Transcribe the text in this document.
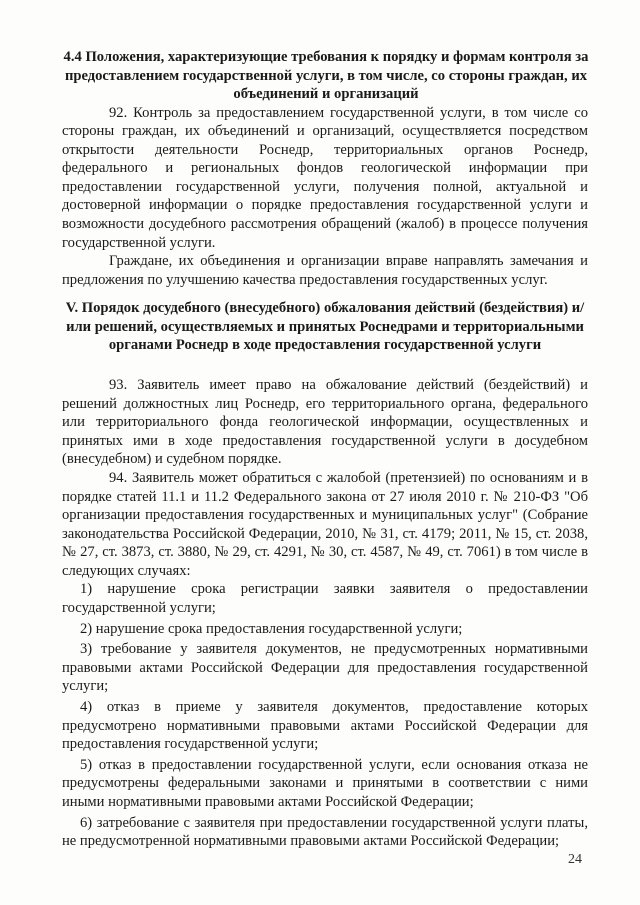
4.4 Положения, характеризующие требования к порядку и формам контроля за предоставлением государственной услуги, в том числе, со стороны граждан, их объединений и организаций

92. Контроль за предоставлением государственной услуги, в том числе со стороны граждан, их объединений и организаций, осуществляется посредством открытости деятельности Роснедр, территориальных органов Роснедр, федерального и региональных фондов геологической информации при предоставлении государственной услуги, получения полной, актуальной и достоверной информации о порядке предоставления государственной услуги и возможности досудебного рассмотрения обращений (жалоб) в процессе получения государственной услуги.

Граждане, их объединения и организации вправе направлять замечания и предложения по улучшению качества предоставления государственных услуг.

V. Порядок досудебного (внесудебного) обжалования действий (бездействия) и/или решений, осуществляемых и принятых Роснедрами и территориальными органами Роснедр в ходе предоставления государственной услуги

93. Заявитель имеет право на обжалование действий (бездействий) и решений должностных лиц Роснедр, его территориального органа, федерального или территориального фонда геологической информации, осуществленных и принятых ими в ходе предоставления государственной услуги в досудебном (внесудебном) и судебном порядке.

94. Заявитель может обратиться с жалобой (претензией) по основаниям и в порядке статей 11.1 и 11.2 Федерального закона от 27 июля 2010 г. № 210-ФЗ "Об организации предоставления государственных и муниципальных услуг" (Собрание законодательства Российской Федерации, 2010, № 31, ст. 4179; 2011, № 15, ст. 2038, № 27, ст. 3873, ст. 3880, № 29, ст. 4291, № 30, ст. 4587, № 49, ст. 7061) в том числе в следующих случаях:

1) нарушение срока регистрации заявки заявителя о предоставлении государственной услуги;

2) нарушение срока предоставления государственной услуги;

3) требование у заявителя документов, не предусмотренных нормативными правовыми актами Российской Федерации для предоставления государственной услуги;

4) отказ в приеме у заявителя документов, предоставление которых предусмотрено нормативными правовыми актами Российской Федерации для предоставления государственной услуги;

5) отказ в предоставлении государственной услуги, если основания отказа не предусмотрены федеральными законами и принятыми в соответствии с ними иными нормативными правовыми актами Российской Федерации;

6) затребование с заявителя при предоставлении государственной услуги платы, не предусмотренной нормативными правовыми актами Российской Федерации;

24
